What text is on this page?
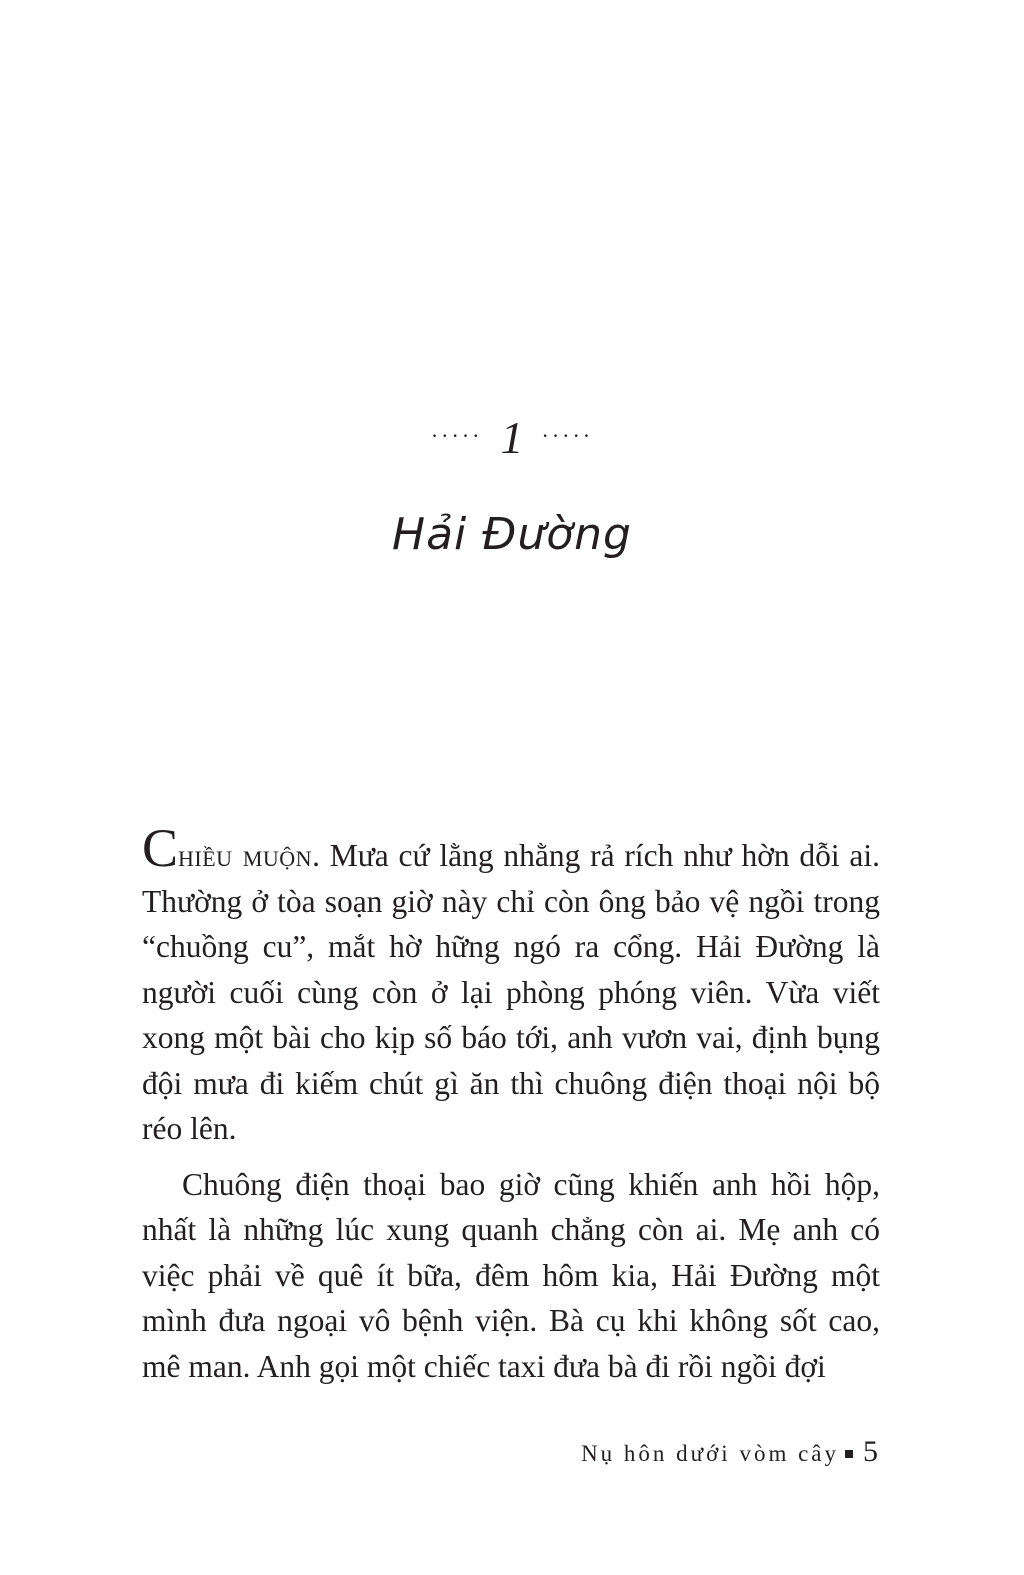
····· 1 ·····
Hải Đường

Chiều muộn. Mưa cứ lằng nhằng rả rích như hờn dỗi ai. Thường ở tòa soạn giờ này chỉ còn ông bảo vệ ngồi trong “chuồng cu”, mắt hờ hững ngó ra cổng. Hải Đường là người cuối cùng còn ở lại phòng phóng viên. Vừa viết xong một bài cho kịp số báo tới, anh vươn vai, định bụng đội mưa đi kiếm chút gì ăn thì chuông điện thoại nội bộ réo lên.

Chuông điện thoại bao giờ cũng khiến anh hồi hộp, nhất là những lúc xung quanh chẳng còn ai. Mẹ anh có việc phải về quê ít bữa, đêm hôm kia, Hải Đường một mình đưa ngoại vô bệnh viện. Bà cụ khi không sốt cao, mê man. Anh gọi một chiếc taxi đưa bà đi rồi ngồi đợi

Nụ hôn dưới vòm cây 5
